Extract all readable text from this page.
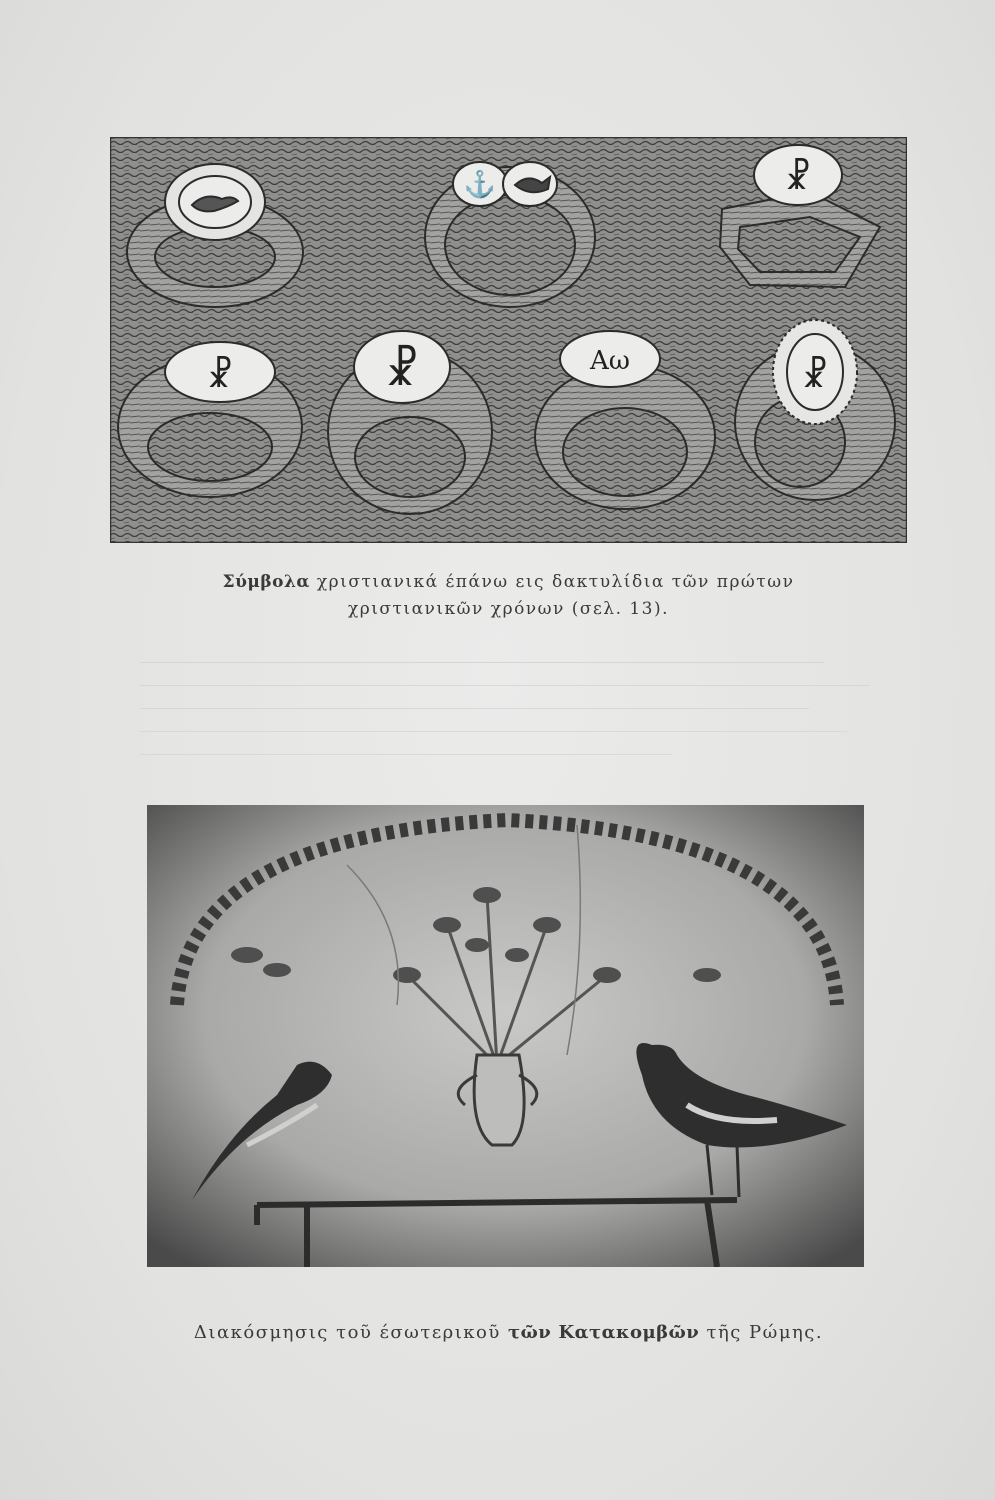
⚓	☧
☧	☧	Αω	☧
Σύμβολα χριστιανικά έπάνω εις δακτυλίδια τῶν πρώτων
χριστιανικῶν χρόνων (σελ. 13).
Διακόσμησις τοῦ έσωτερικοῦ τῶν Κατακομβῶν τῆς Ρώμης.
